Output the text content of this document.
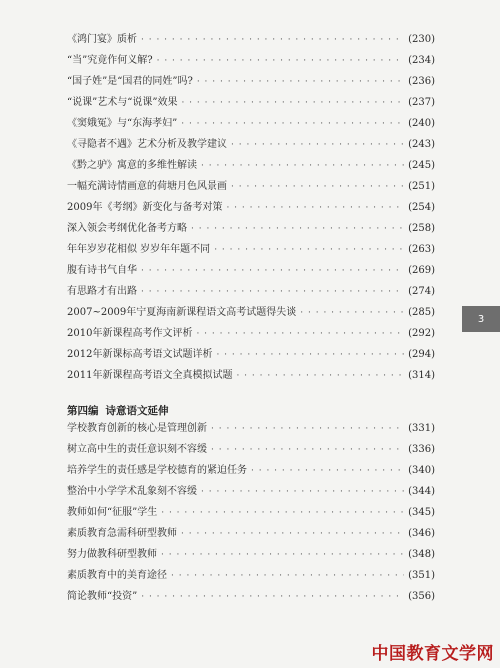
《鸿门宴》质析 · · ·	(230)
“当”究竟作何义解? · · ·	(234)
“国子姓”是“国君的同姓”吗? · · ·	(236)
“说课”艺术与“说课”效果 · · ·	(237)
《窦娥冤》与“东海孝妇” · · ·	(240)
《寻隐者不遇》艺术分析及教学建议 · · ·	(243)
《黔之驴》寓意的多维性解读 · · ·	(245)
一幅充满诗情画意的荷塘月色风景画 · · ·	(251)
2009年《考纲》新变化与备考对策 · · ·	(254)
深入领会考纲优化备考方略 · · ·	(258)
年年岁岁花相似 岁岁年年题不同 · · ·	(263)
腹有诗书气自华 · · ·	(269)
有思路才有出路 · · ·	(274)
2007~2009年宁夏海南新课程语文高考试题得失谈 · · ·	(285)
2010年新课程高考作文评析 · · ·	(292)
2012年新课标高考语文试题详析 · · ·	(294)
2011年新课程高考语文全真模拟试题 · · ·	(314)
第四编 诗意语文延伸
学校教育创新的核心是管理创新 · · ·	(331)
树立高中生的责任意识刻不容缓 · · ·	(336)
培养学生的责任感是学校德育的紧迫任务 · · ·	(340)
整治中小学学术乱象刻不容缓 · · ·	(344)
教师如何“征服”学生 · · ·	(345)
素质教育急需科研型教师 · · ·	(346)
努力做教科研型教师 · · ·	(348)
素质教育中的美育途径 · · ·	(351)
简论教师“投资” · · ·	(356)
3
中国教育文学网
